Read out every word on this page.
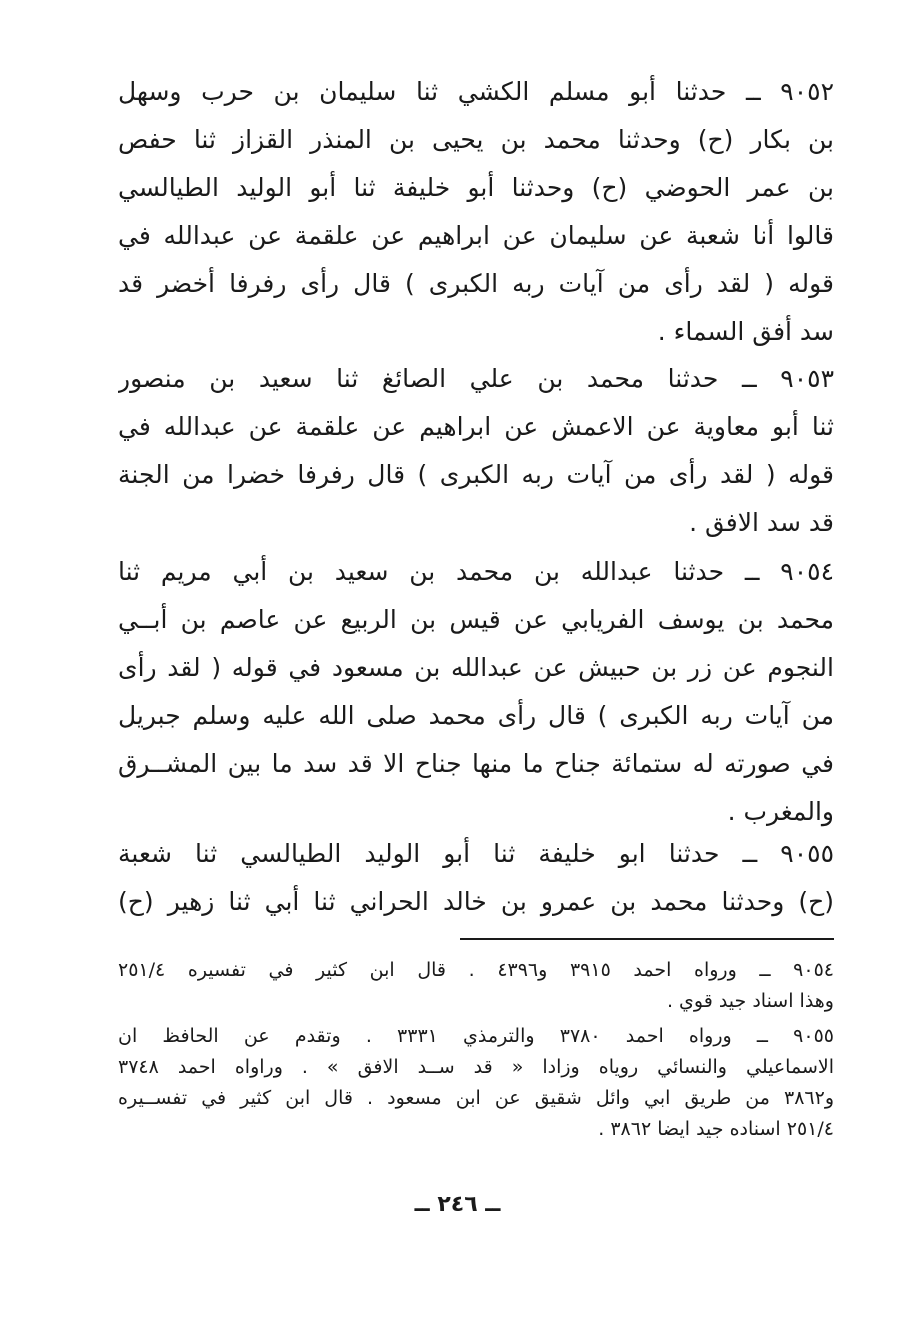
٩٠٥٢ ــ حدثنا أبو مسلم الكشي ثنا سليمان بن حرب وسهل
بن بكار (ح) وحدثنا محمد بن يحيى بن المنذر القزاز ثنا حفص
بن عمر الحوضي (ح) وحدثنا أبو خليفة ثنا أبو الوليد الطيالسي
قالوا أنا شعبة عن سليمان عن ابراهيم عن علقمة عن عبدالله في
قوله ( لقد رأى من آيات ربه الكبرى ) قال رأى رفرفا أخضر قد
سد أفق السماء .
٩٠٥٣ ــ حدثنا محمد بن علي الصائغ ثنا سعيد بن منصور
ثنا أبو معاوية عن الاعمش عن ابراهيم عن علقمة عن عبدالله في
قوله ( لقد رأى من آيات ربه الكبرى ) قال رفرفا خضرا من الجنة
قد سد الافق .
٩٠٥٤ ــ حدثنا عبدالله بن محمد بن سعيد بن أبي مريم ثنا
محمد بن يوسف الفريابي عن قيس بن الربيع عن عاصم بن أبــي
النجوم عن زر بن حبيش عن عبدالله بن مسعود في قوله ( لقد رأى
من آيات ربه الكبرى ) قال رأى محمد صلى الله عليه وسلم جبريل
في صورته له ستمائة جناح ما منها جناح الا قد سد ما بين المشــرق
والمغرب .
٩٠٥٥ ــ حدثنا ابو خليفة ثنا أبو الوليد الطيالسي ثنا شعبة
(ح) وحدثنا محمد بن عمرو بن خالد الحراني ثنا أبي ثنا زهير (ح)
٩٠٥٤ ــ ورواه احمد ٣٩١٥ و٤٣٩٦ . قال ابن كثير في تفسيره ٢٥١/٤
وهذا اسناد جيد قوي .
٩٠٥٥ ــ ورواه احمد ٣٧٨٠ والترمذي ٣٣٣١ . وتقدم عن الحافظ ان
الاسماعيلي والنسائي روياه وزادا « قد ســد الافق » . وراواه احمد ٣٧٤٨
و٣٨٦٢ من طريق ابي وائل شقيق عن ابن مسعود . قال ابن كثير في تفســيره
٢٥١/٤ اسناده جيد ايضا ٣٨٦٢ .
ــ ٢٤٦ ــ
